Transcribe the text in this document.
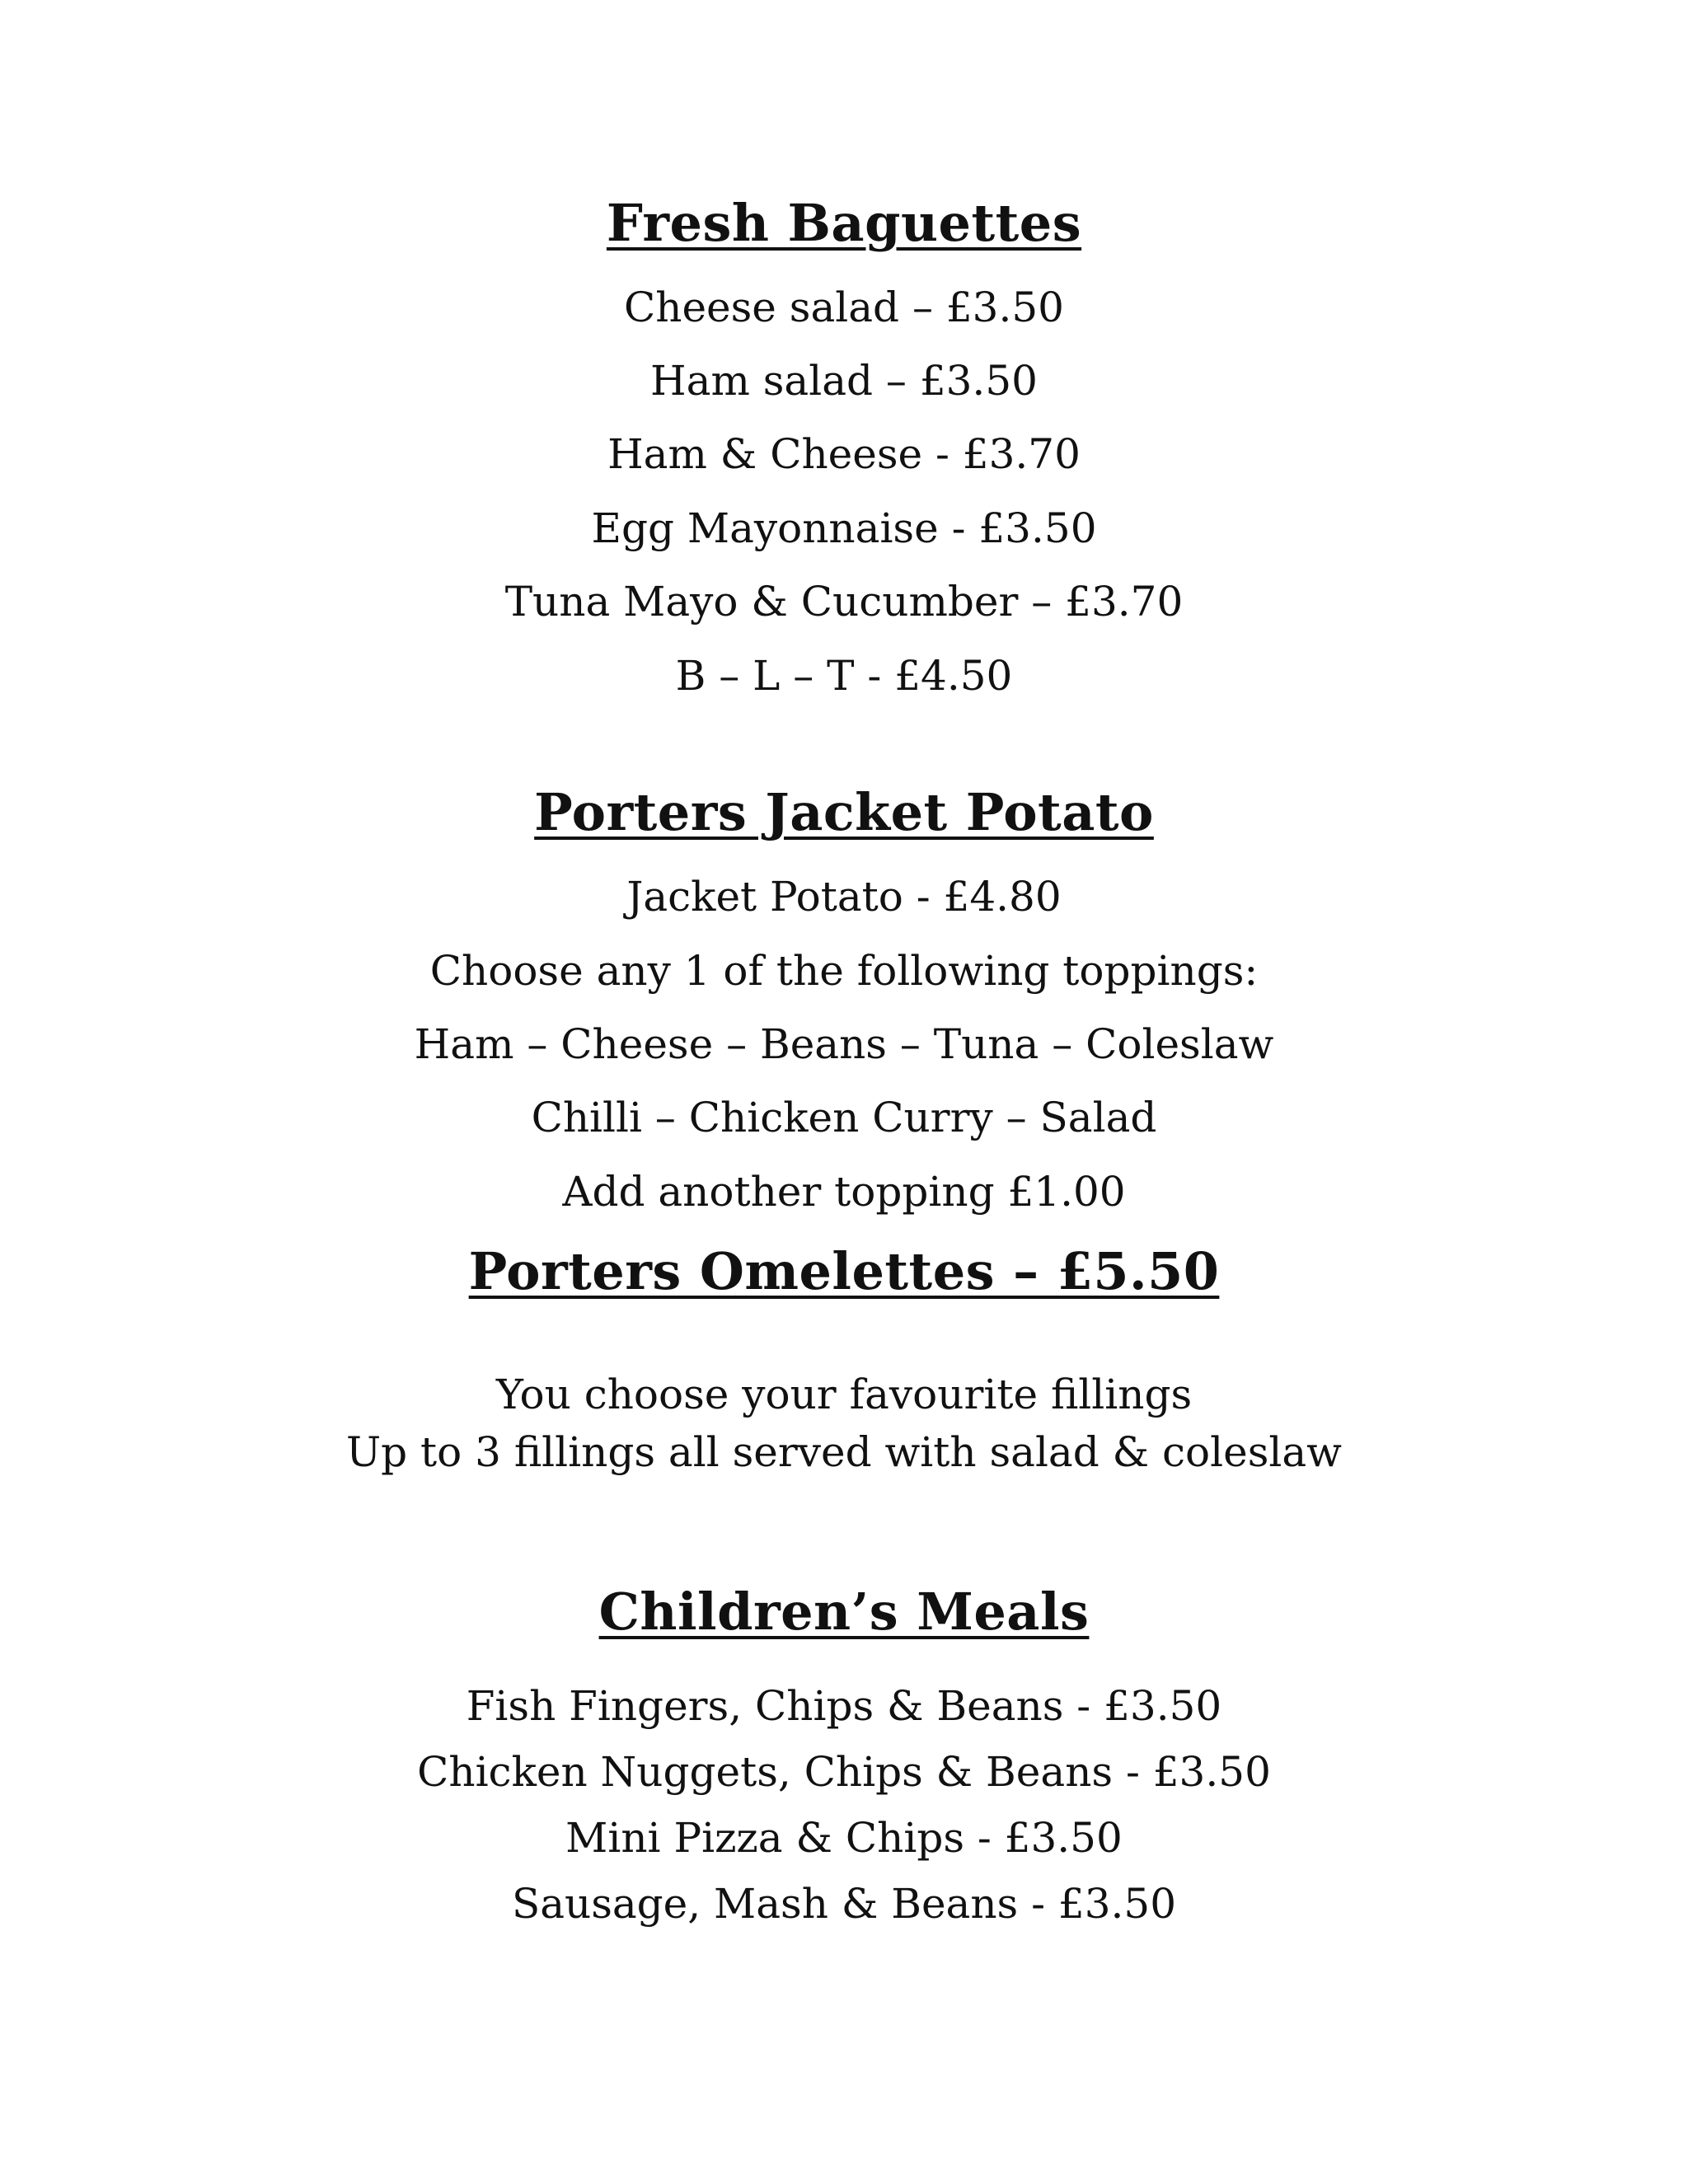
Fresh Baguettes

Cheese salad – £3.50

Ham salad – £3.50

Ham & Cheese - £3.70

Egg Mayonnaise - £3.50

Tuna Mayo & Cucumber – £3.70

B – L – T - £4.50

Porters Jacket Potato

Jacket Potato - £4.80

Choose any 1 of the following toppings:

Ham – Cheese – Beans – Tuna – Coleslaw

Chilli – Chicken Curry – Salad

Add another topping £1.00

Porters Omelettes – £5.50

You choose your favourite fillings

Up to 3 fillings all served with salad & coleslaw

Children’s Meals

Fish Fingers, Chips & Beans - £3.50

Chicken Nuggets, Chips & Beans - £3.50

Mini Pizza & Chips - £3.50

Sausage, Mash & Beans - £3.50
